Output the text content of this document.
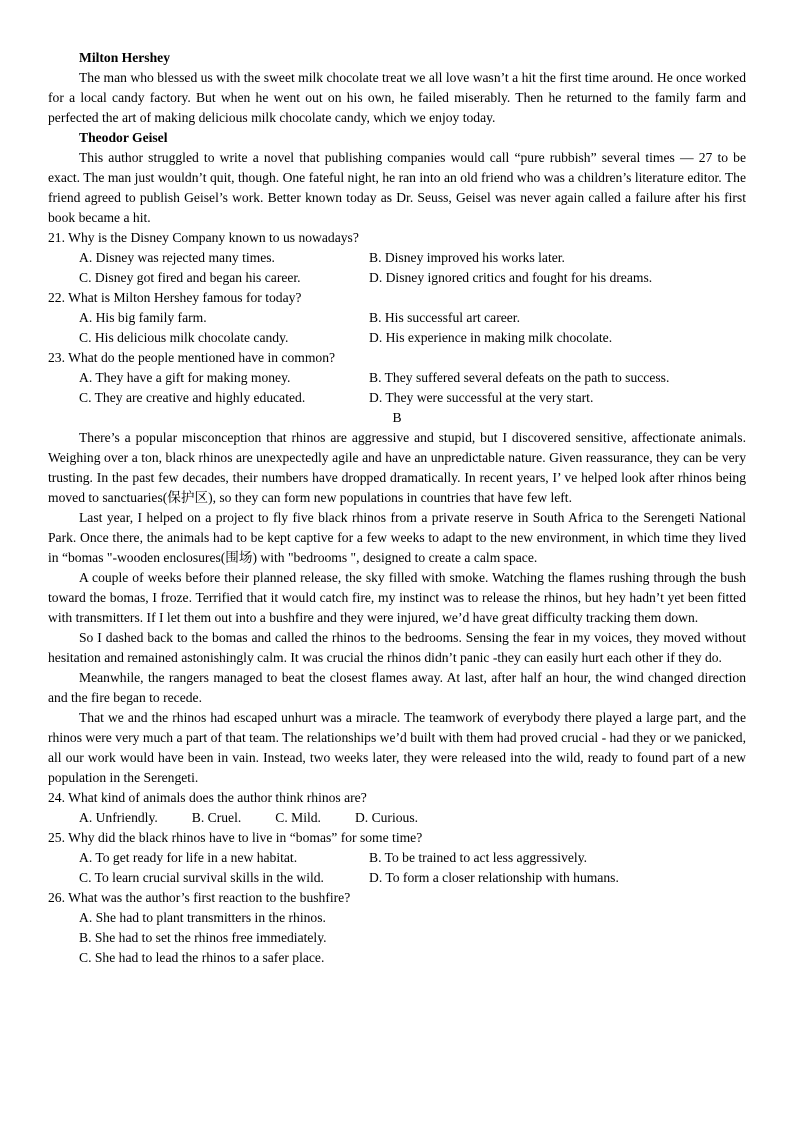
Milton Hershey

The man who blessed us with the sweet milk chocolate treat we all love wasn’t a hit the first time around. He once worked for a local candy factory. But when he went out on his own, he failed miserably. Then he returned to the family farm and perfected the art of making delicious milk chocolate candy, which we enjoy today.

Theodor Geisel

This author struggled to write a novel that publishing companies would call “pure rubbish” several times — 27 to be exact. The man just wouldn’t quit, though. One fateful night, he ran into an old friend who was a children’s literature editor. The friend agreed to publish Geisel’s work. Better known today as Dr. Seuss, Geisel was never again called a failure after his first book became a hit.

21. Why is the Disney Company known to us nowadays?
A. Disney was rejected many times.	B. Disney improved his works later.
C. Disney got fired and began his career.	D. Disney ignored critics and fought for his dreams.
22. What is Milton Hershey famous for today?
A. His big family farm.	B. His successful art career.
C. His delicious milk chocolate candy.	D. His experience in making milk chocolate.
23. What do the people mentioned have in common?
A. They have a gift for making money.	B. They suffered several defeats on the path to success.
C. They are creative and highly educated.	D. They were successful at the very start.
B

There’s a popular misconception that rhinos are aggressive and stupid, but I discovered sensitive, affectionate animals. Weighing over a ton, black rhinos are unexpectedly agile and have an unpredictable nature. Given reassurance, they can be very trusting. In the past few decades, their numbers have dropped dramatically. In recent years, I’ ve helped look after rhinos being moved to sanctuaries(保护区), so they can form new populations in countries that have few left.

Last year, I helped on a project to fly five black rhinos from a private reserve in South Africa to the Serengeti National Park. Once there, the animals had to be kept captive for a few weeks to adapt to the new environment, in which time they lived in “bomas "-wooden enclosures(围场) with "bedrooms ", designed to create a calm space.

A couple of weeks before their planned release, the sky filled with smoke. Watching the flames rushing through the bush toward the bomas, I froze. Terrified that it would catch fire, my instinct was to release the rhinos, but hey hadn’t yet been fitted with transmitters. If I let them out into a bushfire and they were injured, we’d have great difficulty tracking them down.

So I dashed back to the bomas and called the rhinos to the bedrooms. Sensing the fear in my voices, they moved without hesitation and remained astonishingly calm. It was crucial the rhinos didn’t panic -they can easily hurt each other if they do.

Meanwhile, the rangers managed to beat the closest flames away. At last, after half an hour, the wind changed direction and the fire began to recede.

That we and the rhinos had escaped unhurt was a miracle. The teamwork of everybody there played a large part, and the rhinos were very much a part of that team. The relationships we’d built with them had proved crucial - had they or we panicked, all our work would have been in vain. Instead, two weeks later, they were released into the wild, ready to found part of a new population in the Serengeti.

24. What kind of animals does the author think rhinos are?
A. Unfriendly.	B. Cruel.	C. Mild.	D. Curious.
25. Why did the black rhinos have to live in “bomas” for some time?
A. To get ready for life in a new habitat.	B. To be trained to act less aggressively.
C. To learn crucial survival skills in the wild.	D. To form a closer relationship with humans.
26. What was the author’s first reaction to the bushfire?
A. She had to plant transmitters in the rhinos.
B. She had to set the rhinos free immediately.
C. She had to lead the rhinos to a safer place.
